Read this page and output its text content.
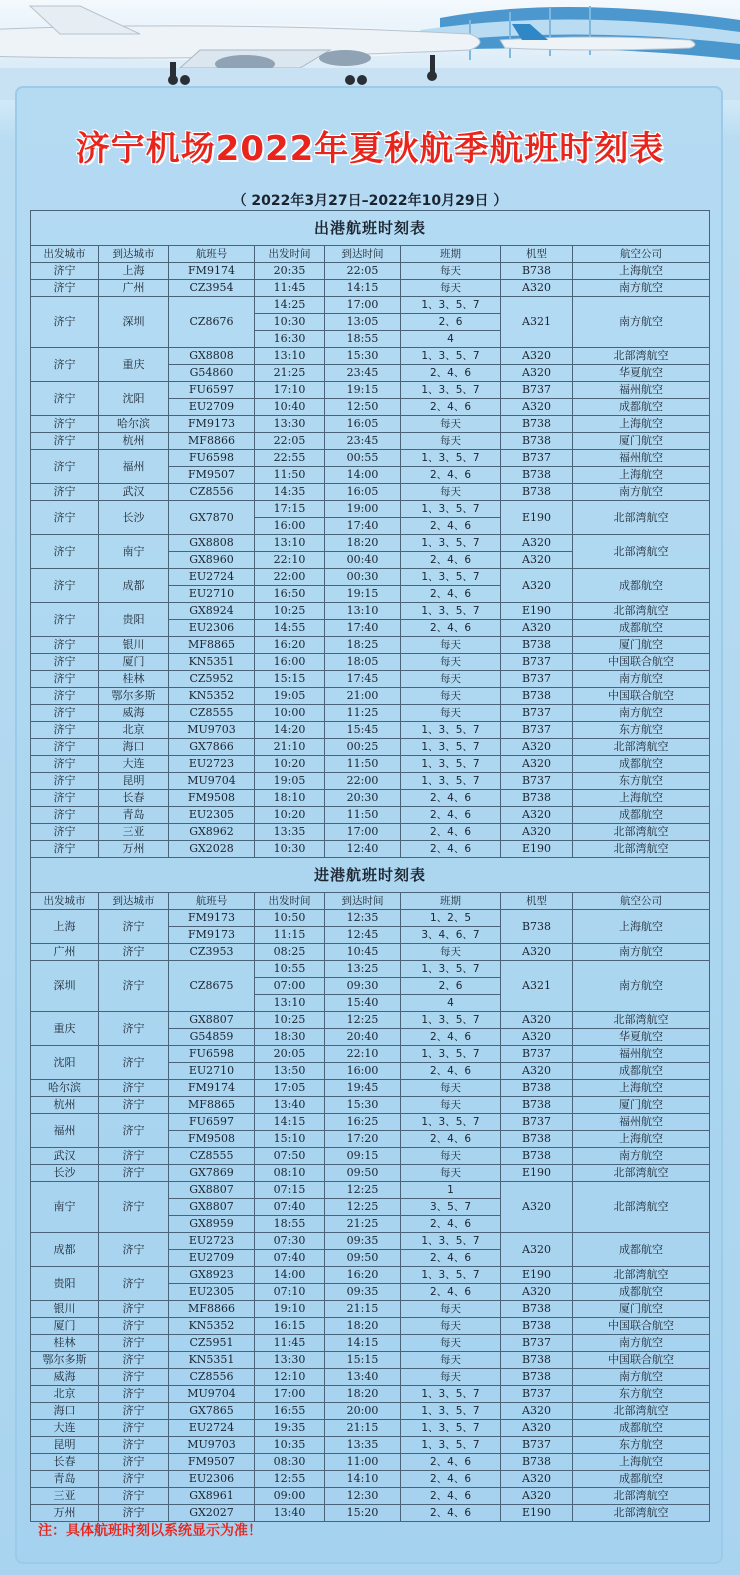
济宁机场2022年夏秋航季航班时刻表
（ 2022年3月27日–2022年10月29日 ）
出港航班时刻表							
出发城市	到达城市	航班号	出发时间	到达时间	班期	机型	航空公司
济宁	上海	FM9174	20:35	22:05	每天	B738	上海航空
济宁	广州	CZ3954	11:45	14:15	每天	A320	南方航空
济宁	深圳	CZ8676	14:25	17:00	1、3、5、7	A321	南方航空
			10:30	13:05	2、6		
			16:30	18:55	4		
济宁	重庆	GX8808	13:10	15:30	1、3、5、7	A320	北部湾航空
		G54860	21:25	23:45	2、4、6	A320	华夏航空
济宁	沈阳	FU6597	17:10	19:15	1、3、5、7	B737	福州航空
		EU2709	10:40	12:50	2、4、6	A320	成都航空
济宁	哈尔滨	FM9173	13:30	16:05	每天	B738	上海航空
济宁	杭州	MF8866	22:05	23:45	每天	B738	厦门航空
济宁	福州	FU6598	22:55	00:55	1、3、5、7	B737	福州航空
		FM9507	11:50	14:00	2、4、6	B738	上海航空
济宁	武汉	CZ8556	14:35	16:05	每天	B738	南方航空
济宁	长沙	GX7870	17:15	19:00	1、3、5、7	E190	北部湾航空
			16:00	17:40	2、4、6		
济宁	南宁	GX8808	13:10	18:20	1、3、5、7	A320	北部湾航空
		GX8960	22:10	00:40	2、4、6	A320	
济宁	成都	EU2724	22:00	00:30	1、3、5、7	A320	成都航空
		EU2710	16:50	19:15	2、4、6		
济宁	贵阳	GX8924	10:25	13:10	1、3、5、7	E190	北部湾航空
		EU2306	14:55	17:40	2、4、6	A320	成都航空
济宁	银川	MF8865	16:20	18:25	每天	B738	厦门航空
济宁	厦门	KN5351	16:00	18:05	每天	B737	中国联合航空
济宁	桂林	CZ5952	15:15	17:45	每天	B737	南方航空
济宁	鄂尔多斯	KN5352	19:05	21:00	每天	B738	中国联合航空
济宁	威海	CZ8555	10:00	11:25	每天	B737	南方航空
济宁	北京	MU9703	14:20	15:45	1、3、5、7	B737	东方航空
济宁	海口	GX7866	21:10	00:25	1、3、5、7	A320	北部湾航空
济宁	大连	EU2723	10:20	11:50	1、3、5、7	A320	成都航空
济宁	昆明	MU9704	19:05	22:00	1、3、5、7	B737	东方航空
济宁	长春	FM9508	18:10	20:30	2、4、6	B738	上海航空
济宁	青岛	EU2305	10:20	11:50	2、4、6	A320	成都航空
济宁	三亚	GX8962	13:35	17:00	2、4、6	A320	北部湾航空
济宁	万州	GX2028	10:30	12:40	2、4、6	E190	北部湾航空
进港航班时刻表							
出发城市	到达城市	航班号	出发时间	到达时间	班期	机型	航空公司
上海	济宁	FM9173	10:50	12:35	1、2、5	B738	上海航空
		FM9173	11:15	12:45	3、4、6、7		
广州	济宁	CZ3953	08:25	10:45	每天	A320	南方航空
深圳	济宁	CZ8675	10:55	13:25	1、3、5、7	A321	南方航空
			07:00	09:30	2、6		
			13:10	15:40	4		
重庆	济宁	GX8807	10:25	12:25	1、3、5、7	A320	北部湾航空
		G54859	18:30	20:40	2、4、6	A320	华夏航空
沈阳	济宁	FU6598	20:05	22:10	1、3、5、7	B737	福州航空
		EU2710	13:50	16:00	2、4、6	A320	成都航空
哈尔滨	济宁	FM9174	17:05	19:45	每天	B738	上海航空
杭州	济宁	MF8865	13:40	15:30	每天	B738	厦门航空
福州	济宁	FU6597	14:15	16:25	1、3、5、7	B737	福州航空
		FM9508	15:10	17:20	2、4、6	B738	上海航空
武汉	济宁	CZ8555	07:50	09:15	每天	B738	南方航空
长沙	济宁	GX7869	08:10	09:50	每天	E190	北部湾航空
南宁	济宁	GX8807	07:15	12:25	1	A320	北部湾航空
		GX8807	07:40	12:25	3、5、7		
		GX8959	18:55	21:25	2、4、6		
成都	济宁	EU2723	07:30	09:35	1、3、5、7	A320	成都航空
		EU2709	07:40	09:50	2、4、6		
贵阳	济宁	GX8923	14:00	16:20	1、3、5、7	E190	北部湾航空
		EU2305	07:10	09:35	2、4、6	A320	成都航空
银川	济宁	MF8866	19:10	21:15	每天	B738	厦门航空
厦门	济宁	KN5352	16:15	18:20	每天	B738	中国联合航空
桂林	济宁	CZ5951	11:45	14:15	每天	B737	南方航空
鄂尔多斯	济宁	KN5351	13:30	15:15	每天	B738	中国联合航空
威海	济宁	CZ8556	12:10	13:40	每天	B738	南方航空
北京	济宁	MU9704	17:00	18:20	1、3、5、7	B737	东方航空
海口	济宁	GX7865	16:55	20:00	1、3、5、7	A320	北部湾航空
大连	济宁	EU2724	19:35	21:15	1、3、5、7	A320	成都航空
昆明	济宁	MU9703	10:35	13:35	1、3、5、7	B737	东方航空
长春	济宁	FM9507	08:30	11:00	2、4、6	B738	上海航空
青岛	济宁	EU2306	12:55	14:10	2、4、6	A320	成都航空
三亚	济宁	GX8961	09:00	12:30	2、4、6	A320	北部湾航空
万州	济宁	GX2027	13:40	15:20	2、4、6	E190	北部湾航空
注：具体航班时刻以系统显示为准！
